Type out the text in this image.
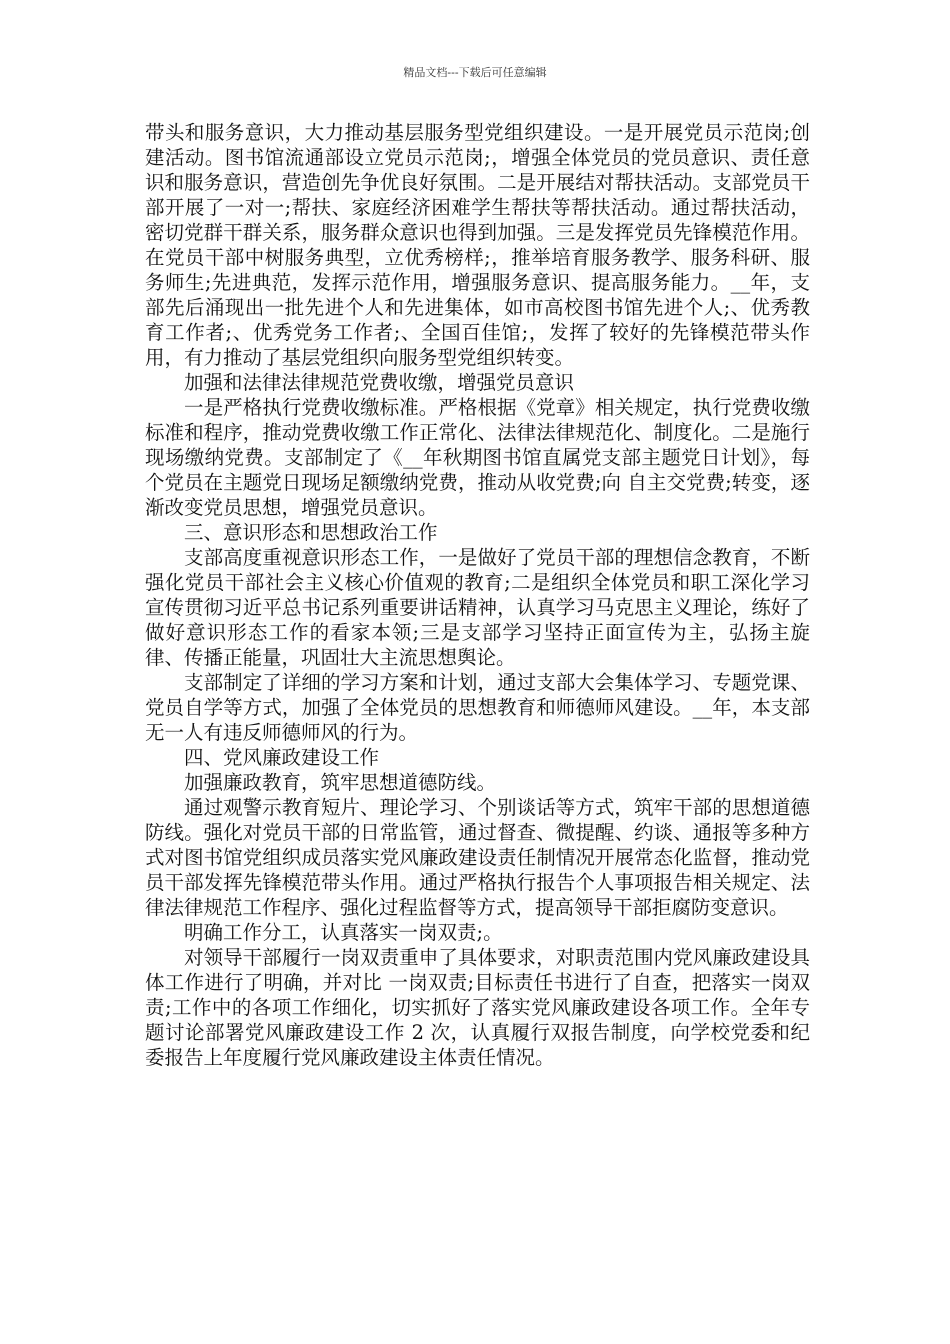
精品文档---下载后可任意编辑

带头和服务意识，大力推动基层服务型党组织建设。一是开展党员示范岗;创建活动。图书馆流通部设立党员示范岗;，增强全体党员的党员意识、责任意识和服务意识，营造创先争优良好氛围。二是开展结对帮扶活动。支部党员干部开展了一对一;帮扶、家庭经济困难学生帮扶等帮扶活动。通过帮扶活动，密切党群干群关系，服务群众意识也得到加强。三是发挥党员先锋模范作用。在党员干部中树服务典型，立优秀榜样;，推举培育服务教学、服务科研、服务师生;先进典范，发挥示范作用，增强服务意识、提高服务能力。__年，支部先后涌现出一批先进个人和先进集体，如市高校图书馆先进个人;、优秀教育工作者;、优秀党务工作者;、全国百佳馆;，发挥了较好的先锋模范带头作用，有力推动了基层党组织向服务型党组织转变。

加强和法律法律规范党费收缴，增强党员意识

一是严格执行党费收缴标准。严格根据《党章》相关规定，执行党费收缴标准和程序，推动党费收缴工作正常化、法律法律规范化、制度化。二是施行现场缴纳党费。支部制定了《__年秋期图书馆直属党支部主题党日计划》，每个党员在主题党日现场足额缴纳党费，推动从收党费;向 自主交党费;转变，逐渐改变党员思想，增强党员意识。

三、意识形态和思想政治工作

支部高度重视意识形态工作，一是做好了党员干部的理想信念教育，不断强化党员干部社会主义核心价值观的教育;二是组织全体党员和职工深化学习宣传贯彻习近平总书记系列重要讲话精神，认真学习马克思主义理论，练好了做好意识形态工作的看家本领;三是支部学习坚持正面宣传为主，弘扬主旋律、传播正能量，巩固壮大主流思想舆论。

支部制定了详细的学习方案和计划，通过支部大会集体学习、专题党课、党员自学等方式，加强了全体党员的思想教育和师德师风建设。__年，本支部无一人有违反师德师风的行为。

四、党风廉政建设工作

加强廉政教育，筑牢思想道德防线。

通过观警示教育短片、理论学习、个别谈话等方式，筑牢干部的思想道德防线。强化对党员干部的日常监管，通过督查、微提醒、约谈、通报等多种方式对图书馆党组织成员落实党风廉政建设责任制情况开展常态化监督，推动党员干部发挥先锋模范带头作用。通过严格执行报告个人事项报告相关规定、法律法律规范工作程序、强化过程监督等方式，提高领导干部拒腐防变意识。

明确工作分工，认真落实一岗双责;。

对领导干部履行一岗双责重申了具体要求，对职责范围内党风廉政建设具体工作进行了明确，并对比 一岗双责;目标责任书进行了自查，把落实一岗双责;工作中的各项工作细化，切实抓好了落实党风廉政建设各项工作。全年专题讨论部署党风廉政建设工作 2 次，认真履行双报告制度，向学校党委和纪委报告上年度履行党风廉政建设主体责任情况。
